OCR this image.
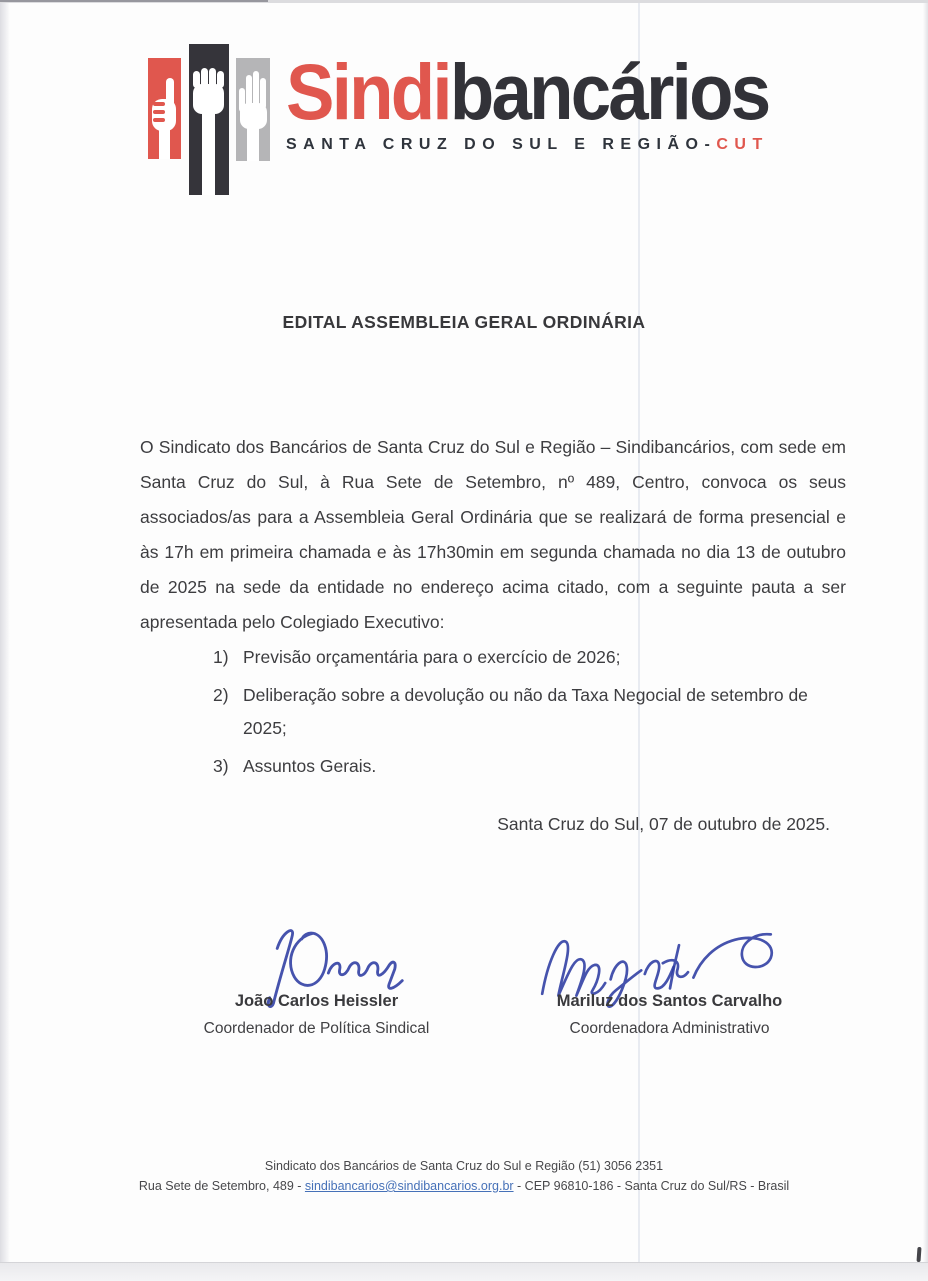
Sindibancários
SANTA CRUZ DO SUL E REGIÃO-CUT
EDITAL ASSEMBLEIA GERAL ORDINÁRIA

O Sindicato dos Bancários de Santa Cruz do Sul e Região – Sindibancários, com sede em Santa Cruz do Sul, à Rua Sete de Setembro, nº 489, Centro, convoca os seus associados/as para a Assembleia Geral Ordinária que se realizará de forma presencial e às 17h em primeira chamada e às 17h30min em segunda chamada no dia 13 de outubro de 2025 na sede da entidade no endereço acima citado, com a seguinte pauta a ser apresentada pelo Colegiado Executivo:

1) Previsão orçamentária para o exercício de 2026;
2) Deliberação sobre a devolução ou não da Taxa Negocial de setembro de 2025;
3) Assuntos Gerais.
Santa Cruz do Sul, 07 de outubro de 2025.
João Carlos Heissler
Coordenador de Política Sindical
Mariluz dos Santos Carvalho
Coordenadora Administrativo
Sindicato dos Bancários de Santa Cruz do Sul e Região (51) 3056 2351
Rua Sete de Setembro, 489 - sindibancarios@sindibancarios.org.br - CEP 96810-186 - Santa Cruz do Sul/RS - Brasil
